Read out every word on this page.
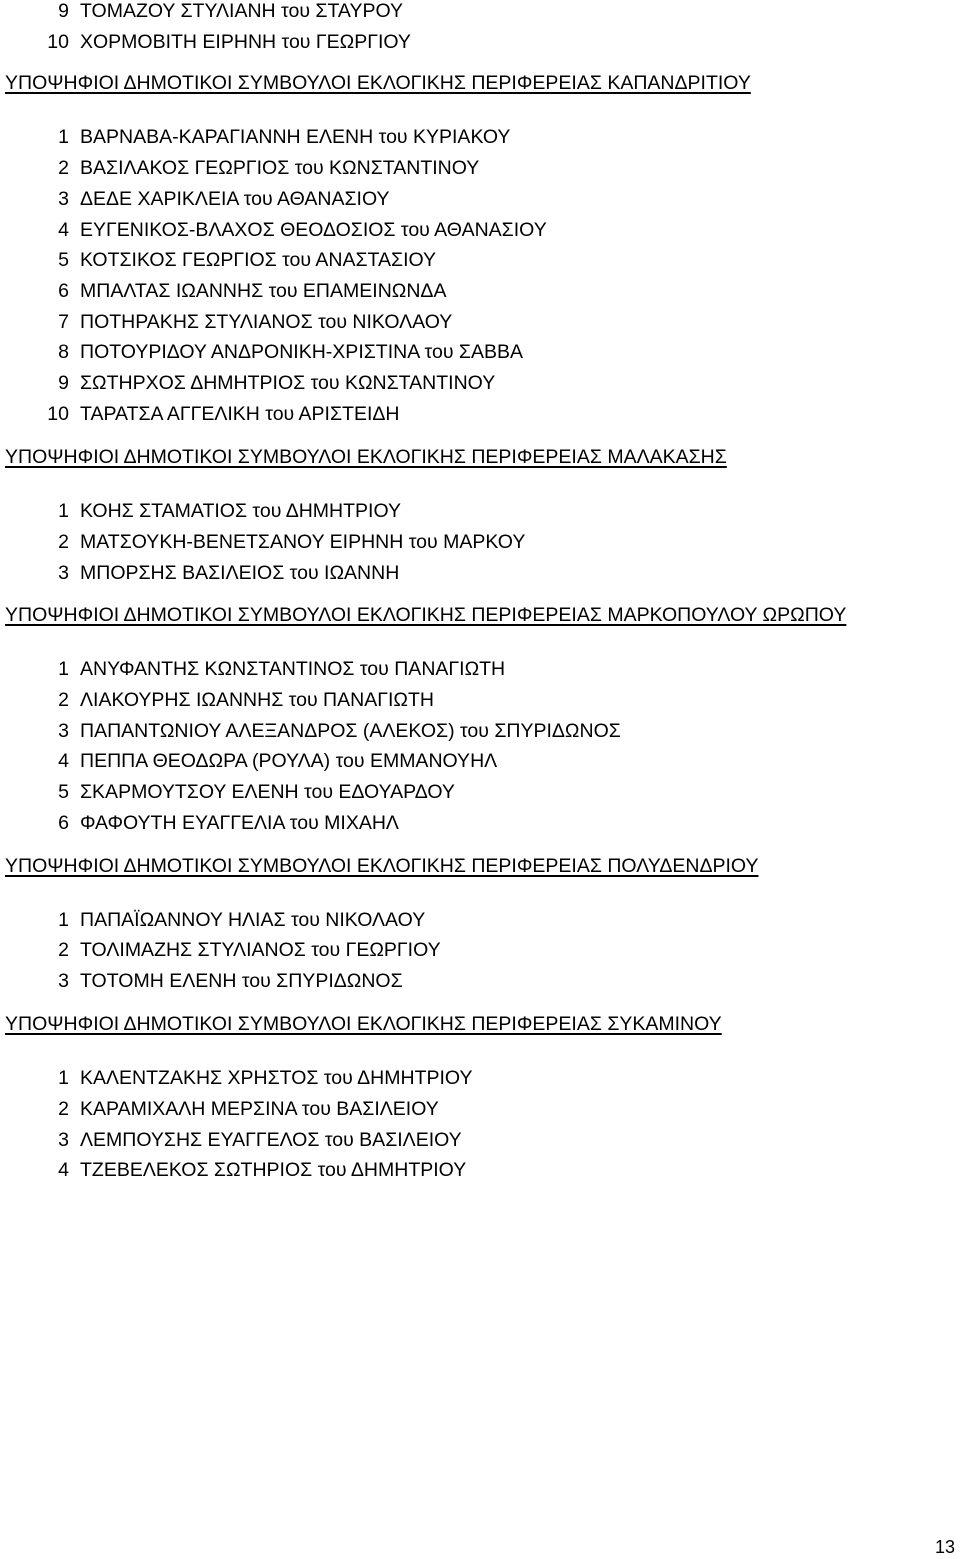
9 ΤΟΜΑΖΟΥ ΣΤΥΛΙΑΝΗ του ΣΤΑΥΡΟΥ
10 ΧΟΡΜΟΒΙΤΗ ΕΙΡΗΝΗ του ΓΕΩΡΓΙΟΥ
ΥΠΟΨΗΦΙΟΙ ΔΗΜΟΤΙΚΟΙ ΣΥΜΒΟΥΛΟΙ ΕΚΛΟΓΙΚΗΣ ΠΕΡΙΦΕΡΕΙΑΣ ΚΑΠΑΝΔΡΙΤΙΟΥ
1 ΒΑΡΝΑΒΑ-ΚΑΡΑΓΙΑΝΝΗ ΕΛΕΝΗ του ΚΥΡΙΑΚΟΥ
2 ΒΑΣΙΛΑΚΟΣ ΓΕΩΡΓΙΟΣ του ΚΩΝΣΤΑΝΤΙΝΟΥ
3 ΔΕΔΕ ΧΑΡΙΚΛΕΙΑ του ΑΘΑΝΑΣΙΟΥ
4 ΕΥΓΕΝΙΚΟΣ-ΒΛΑΧΟΣ ΘΕΟΔΟΣΙΟΣ του ΑΘΑΝΑΣΙΟΥ
5 ΚΟΤΣΙΚΟΣ ΓΕΩΡΓΙΟΣ του ΑΝΑΣΤΑΣΙΟΥ
6 ΜΠΑΛΤΑΣ ΙΩΑΝΝΗΣ του ΕΠΑΜΕΙΝΩΝΔΑ
7 ΠΟΤΗΡΑΚΗΣ ΣΤΥΛΙΑΝΟΣ του ΝΙΚΟΛΑΟΥ
8 ΠΟΤΟΥΡΙΔΟΥ ΑΝΔΡΟΝΙΚΗ-ΧΡΙΣΤΙΝΑ του ΣΑΒΒΑ
9 ΣΩΤΗΡΧΟΣ ΔΗΜΗΤΡΙΟΣ του ΚΩΝΣΤΑΝΤΙΝΟΥ
10 ΤΑΡΑΤΣΑ ΑΓΓΕΛΙΚΗ του ΑΡΙΣΤΕΙΔΗ
ΥΠΟΨΗΦΙΟΙ ΔΗΜΟΤΙΚΟΙ ΣΥΜΒΟΥΛΟΙ ΕΚΛΟΓΙΚΗΣ ΠΕΡΙΦΕΡΕΙΑΣ ΜΑΛΑΚΑΣΗΣ
1 ΚΟΗΣ ΣΤΑΜΑΤΙΟΣ του ΔΗΜΗΤΡΙΟΥ
2 ΜΑΤΣΟΥΚΗ-ΒΕΝΕΤΣΑΝΟΥ ΕΙΡΗΝΗ του ΜΑΡΚΟΥ
3 ΜΠΟΡΣΗΣ ΒΑΣΙΛΕΙΟΣ του ΙΩΑΝΝΗ
ΥΠΟΨΗΦΙΟΙ ΔΗΜΟΤΙΚΟΙ ΣΥΜΒΟΥΛΟΙ ΕΚΛΟΓΙΚΗΣ ΠΕΡΙΦΕΡΕΙΑΣ ΜΑΡΚΟΠΟΥΛΟΥ ΩΡΩΠΟΥ
1 ΑΝΥΦΑΝΤΗΣ ΚΩΝΣΤΑΝΤΙΝΟΣ του ΠΑΝΑΓΙΩΤΗ
2 ΛΙΑΚΟΥΡΗΣ ΙΩΑΝΝΗΣ του ΠΑΝΑΓΙΩΤΗ
3 ΠΑΠΑΝΤΩΝΙΟΥ ΑΛΕΞΑΝΔΡΟΣ (ΑΛΕΚΟΣ) του ΣΠΥΡΙΔΩΝΟΣ
4 ΠΕΠΠΑ ΘΕΟΔΩΡΑ (ΡΟΥΛΑ) του ΕΜΜΑΝΟΥΗΛ
5 ΣΚΑΡΜΟΥΤΣΟΥ ΕΛΕΝΗ του ΕΔΟΥΑΡΔΟΥ
6 ΦΑΦΟΥΤΗ ΕΥΑΓΓΕΛΙΑ του ΜΙΧΑΗΛ
ΥΠΟΨΗΦΙΟΙ ΔΗΜΟΤΙΚΟΙ ΣΥΜΒΟΥΛΟΙ ΕΚΛΟΓΙΚΗΣ ΠΕΡΙΦΕΡΕΙΑΣ ΠΟΛΥΔΕΝΔΡΙΟΥ
1 ΠΑΠΑΪΩΑΝΝΟΥ ΗΛΙΑΣ του ΝΙΚΟΛΑΟΥ
2 ΤΟΛΙΜΑΖΗΣ ΣΤΥΛΙΑΝΟΣ του ΓΕΩΡΓΙΟΥ
3 ΤΟΤΟΜΗ ΕΛΕΝΗ του ΣΠΥΡΙΔΩΝΟΣ
ΥΠΟΨΗΦΙΟΙ ΔΗΜΟΤΙΚΟΙ ΣΥΜΒΟΥΛΟΙ ΕΚΛΟΓΙΚΗΣ ΠΕΡΙΦΕΡΕΙΑΣ ΣΥΚΑΜΙΝΟΥ
1 ΚΑΛΕΝΤΖΑΚΗΣ ΧΡΗΣΤΟΣ του ΔΗΜΗΤΡΙΟΥ
2 ΚΑΡΑΜΙΧΑΛΗ ΜΕΡΣΙΝΑ του ΒΑΣΙΛΕΙΟΥ
3 ΛΕΜΠΟΥΣΗΣ ΕΥΑΓΓΕΛΟΣ του ΒΑΣΙΛΕΙΟΥ
4 ΤΖΕΒΕΛΕΚΟΣ ΣΩΤΗΡΙΟΣ του ΔΗΜΗΤΡΙΟΥ
13
